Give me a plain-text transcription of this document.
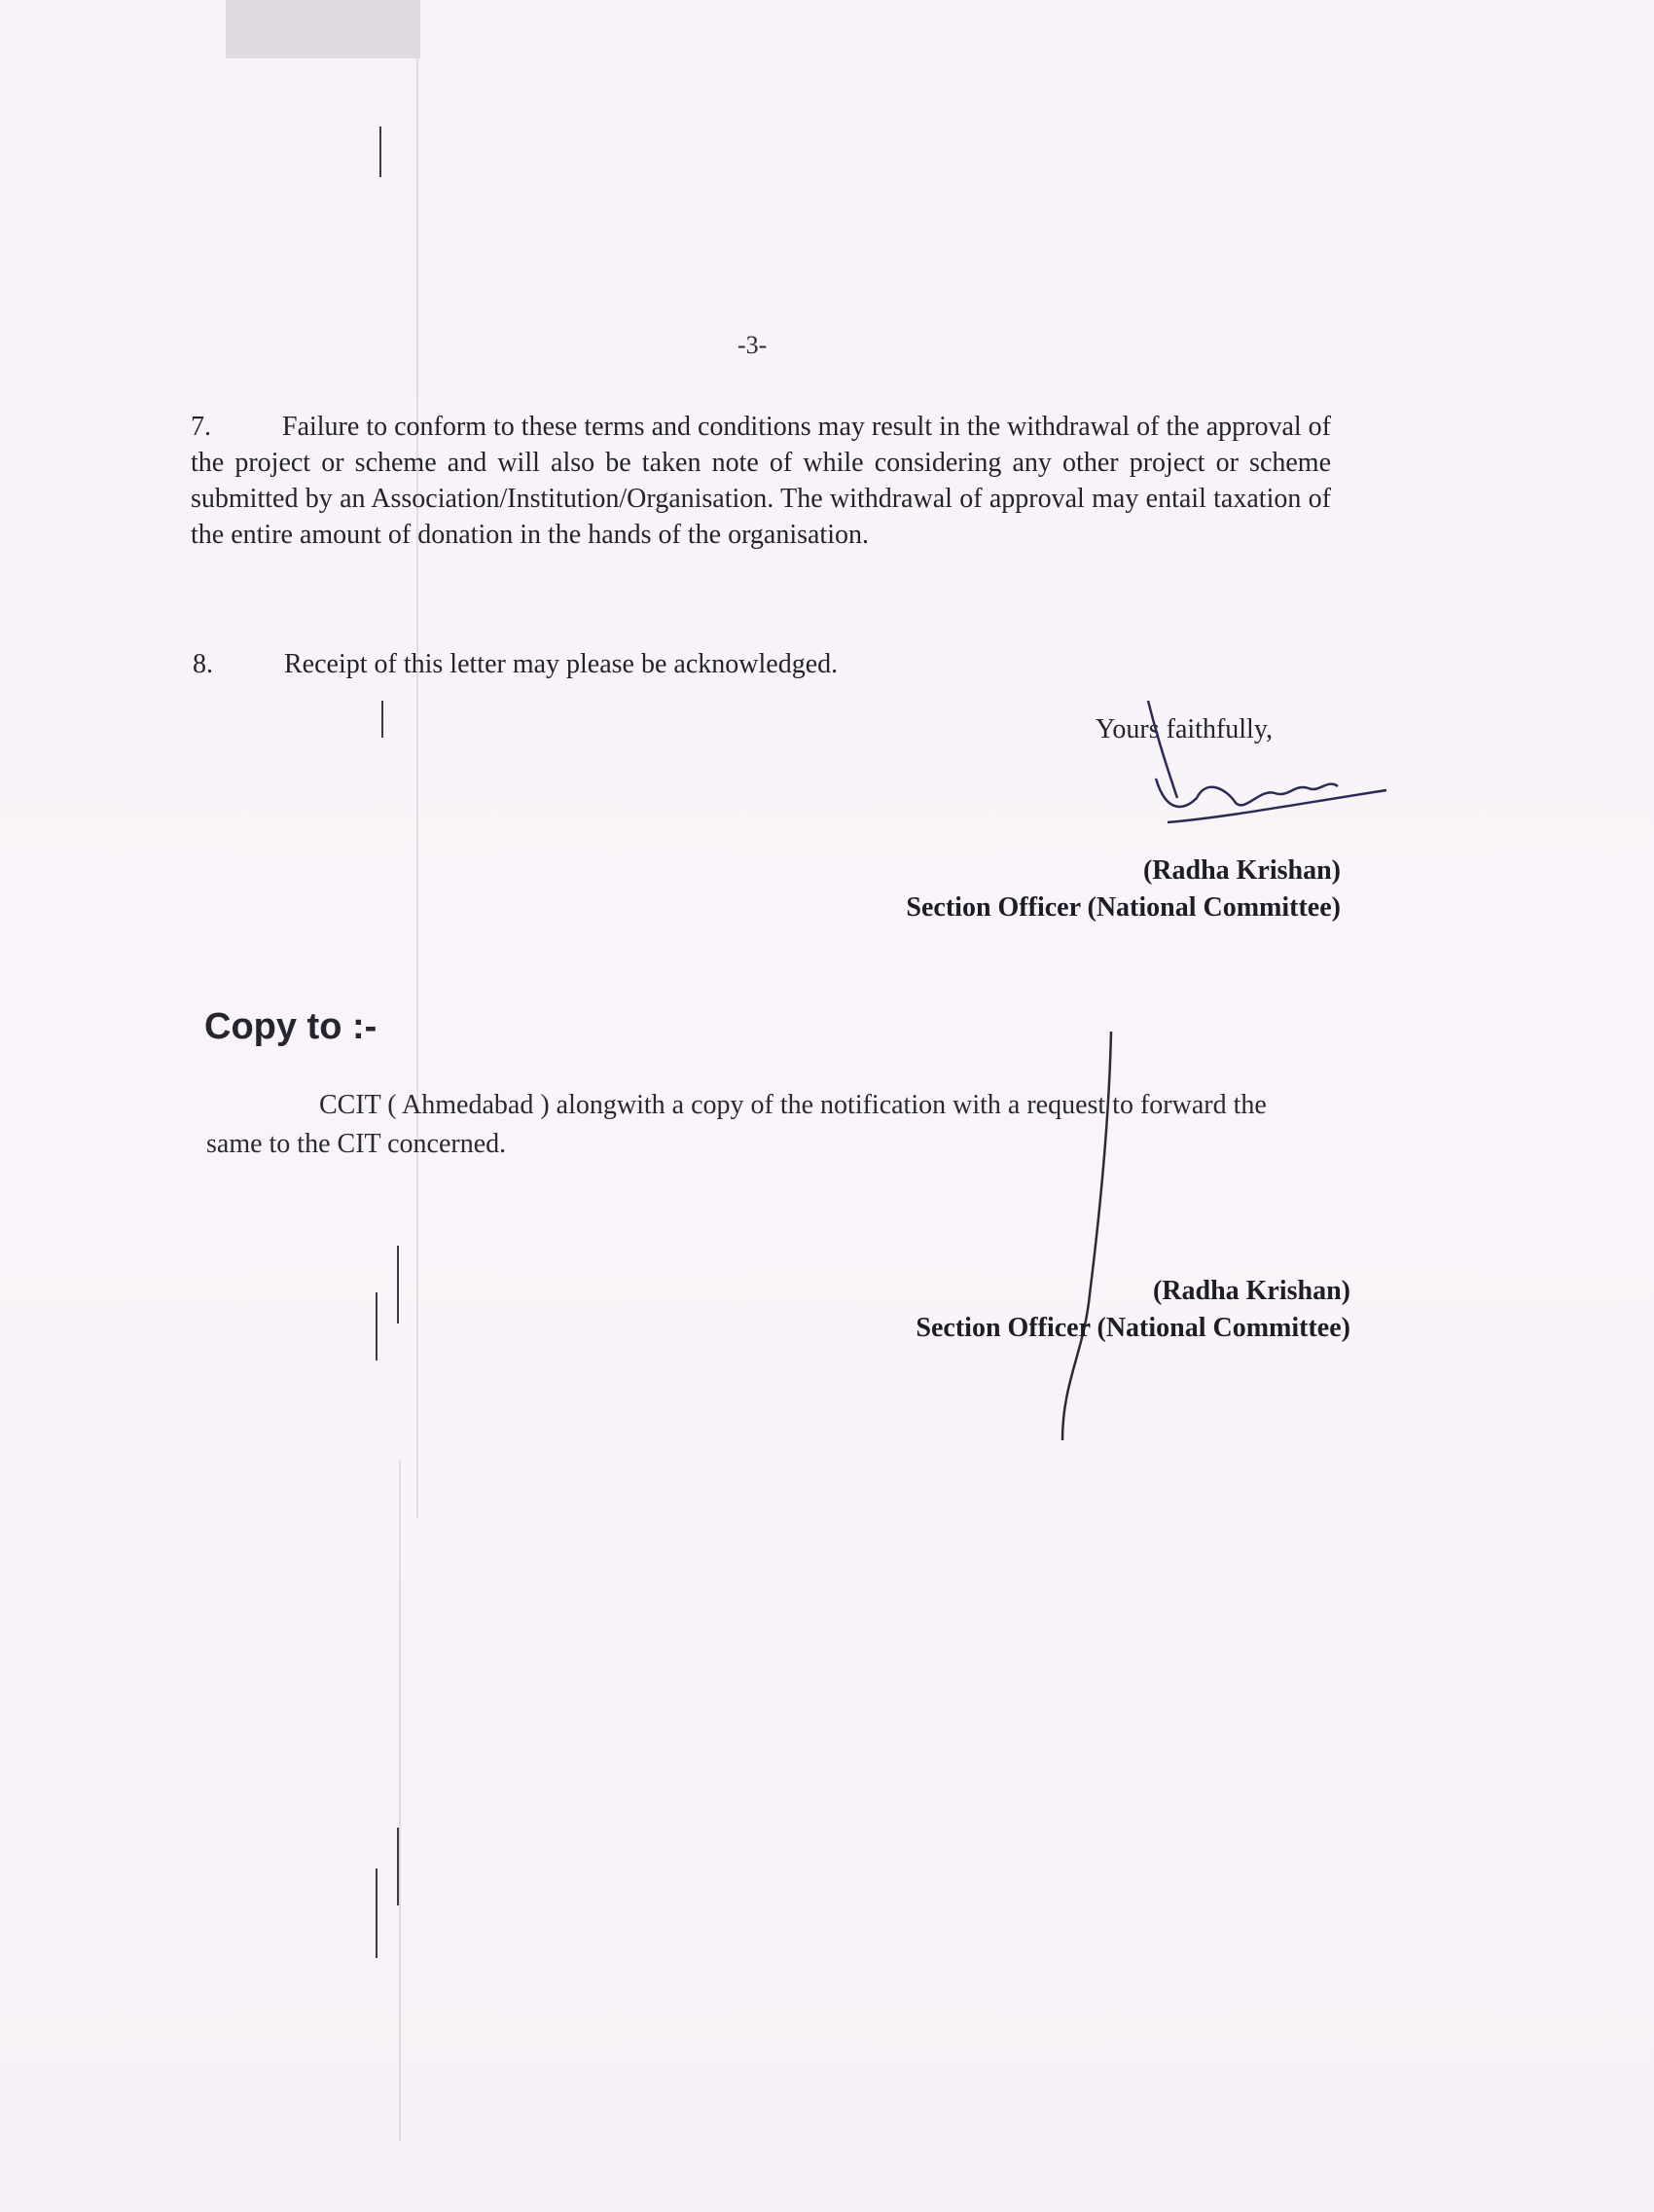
-3-
7.	Failure to conform to these terms and conditions may result in the withdrawal of the approval of the project or scheme and will also be taken note of while considering any other project or scheme submitted by an Association/Institution/Organisation. The withdrawal of approval may entail taxation of the entire amount of donation in the hands of the organisation.
8.	Receipt of this letter may please be acknowledged.
Yours faithfully,
(Radha Krishan)
Section Officer (National Committee)
Copy to :-
CCIT ( Ahmedabad ) alongwith a copy of the notification with a request to forward the same to the CIT concerned.
(Radha Krishan)
Section Officer (National Committee)
